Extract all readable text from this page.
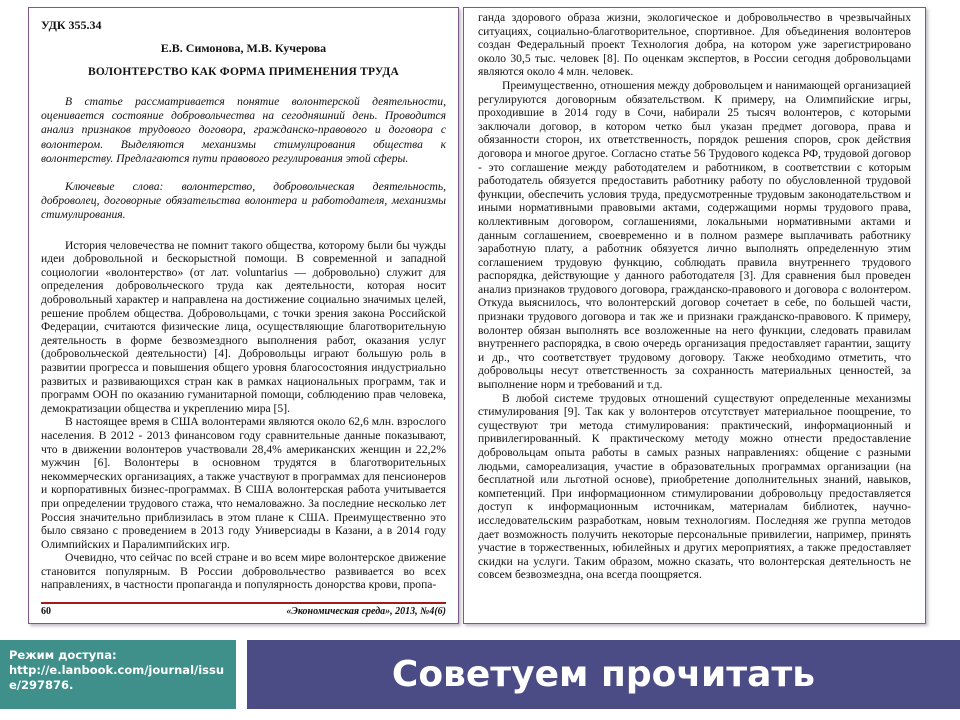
УДК 355.34
Е.В. Симонова, М.В. Кучерова
ВОЛОНТЕРСТВО КАК ФОРМА ПРИМЕНЕНИЯ ТРУДА

В статье рассматривается понятие волонтерской деятельности, оценивается состояние добровольчества на сегодняшний день. Проводится анализ признаков трудового договора, гражданско-правового и договора с волонтером. Выделяются механизмы стимулирования общества к волонтерству. Предлагаются пути правового регулирования этой сферы.

Ключевые слова: волонтерство, добровольческая деятельность, доброволец, договорные обязательства волонтера и работодателя, механизмы стимулирования.

История человечества не помнит такого общества, которому были бы чужды идеи добровольной и бескорыстной помощи. В современной и западной социологии «волонтерство» (от лат. voluntarius — добровольно) служит для определения добровольческого труда как деятельности, которая носит добровольный характер и направлена на достижение социально значимых целей, решение проблем общества. Добровольцами, с точки зрения закона Российской Федерации, считаются физические лица, осуществляющие благотворительную деятельность в форме безвозмездного выполнения работ, оказания услуг (добровольческой деятельности) [4]. Добровольцы играют большую роль в развитии прогресса и повышения общего уровня благосостояния индустриально развитых и развивающихся стран как в рамках национальных программ, так и программ ООН по оказанию гуманитарной помощи, соблюдению прав человека, демократизации общества и укреплению мира [5].

В настоящее время в США волонтерами являются около 62,6 млн. взрослого населения. В 2012 - 2013 финансовом году сравнительные данные показывают, что в движении волонтеров участвовали 28,4% американских женщин и 22,2% мужчин [6]. Волонтеры в основном трудятся в благотворительных некоммерческих организациях, а также участвуют в программах для пенсионеров и корпоративных бизнес-программах. В США волонтерская работа учитывается при определении трудового стажа, что немаловажно. За последние несколько лет Россия значительно приблизилась в этом плане к США. Преимущественно это было связано с проведением в 2013 году Универсиады в Казани, а в 2014 году Олимпийских и Паралимпийских игр.

Очевидно, что сейчас по всей стране и во всем мире волонтерское движение становится популярным. В России добровольчество развивается во всех направлениях, в частности пропаганда и популярность донорства крови, пропа-

60	«Экономическая среда», 2013, №4(6)

ганда здорового образа жизни, экологическое и добровольчество в чрезвычайных ситуациях, социально-благотворительное, спортивное. Для объединения волонтеров создан Федеральный проект Технология добра, на котором уже зарегистрировано около 30,5 тыс. человек [8]. По оценкам экспертов, в России сегодня добровольцами являются около 4 млн. человек.

Преимущественно, отношения между добровольцем и нанимающей организацией регулируются договорным обязательством. К примеру, на Олимпийские игры, проходившие в 2014 году в Сочи, набирали 25 тысяч волонтеров, с которыми заключали договор, в котором четко был указан предмет договора, права и обязанности сторон, их ответственность, порядок решения споров, срок действия договора и многое другое. Согласно статье 56 Трудового кодекса РФ, трудовой договор - это соглашение между работодателем и работником, в соответствии с которым работодатель обязуется предоставить работнику работу по обусловленной трудовой функции, обеспечить условия труда, предусмотренные трудовым законодательством и иными нормативными правовыми актами, содержащими нормы трудового права, коллективным договором, соглашениями, локальными нормативными актами и данным соглашением, своевременно и в полном размере выплачивать работнику заработную плату, а работник обязуется лично выполнять определенную этим соглашением трудовую функцию, соблюдать правила внутреннего трудового распорядка, действующие у данного работодателя [3]. Для сравнения был проведен анализ признаков трудового договора, гражданско-правового и договора с волонтером. Откуда выяснилось, что волонтерский договор сочетает в себе, по большей части, признаки трудового договора и так же и признаки гражданско-правового. К примеру, волонтер обязан выполнять все возложенные на него функции, следовать правилам внутреннего распорядка, в свою очередь организация предоставляет гарантии, защиту и др., что соответствует трудовому договору. Также необходимо отметить, что добровольцы несут ответственность за сохранность материальных ценностей, за выполнение норм и требований и т.д.

В любой системе трудовых отношений существуют определенные механизмы стимулирования [9]. Так как у волонтеров отсутствует материальное поощрение, то существуют три метода стимулирования: практический, информационный и привилегированный. К практическому методу можно отнести предоставление добровольцам опыта работы в самых разных направлениях: общение с разными людьми, самореализация, участие в образовательных программах организации (на бесплатной или льготной основе), приобретение дополнительных знаний, навыков, компетенций. При информационном стимулировании добровольцу предоставляется доступ к информационным источникам, материалам библиотек, научно-исследовательским разработкам, новым технологиям. Последняя же группа методов дает возможность получить некоторые персональные привилегии, например, принять участие в торжественных, юбилейных и других мероприятиях, а также предоставляет скидки на услуги. Таким образом, можно сказать, что волонтерская деятельность не совсем безвозмездна, она всегда поощряется.

Режим доступа:
http://e.lanbook.com/journal/issue/297876.	Советуем прочитать
